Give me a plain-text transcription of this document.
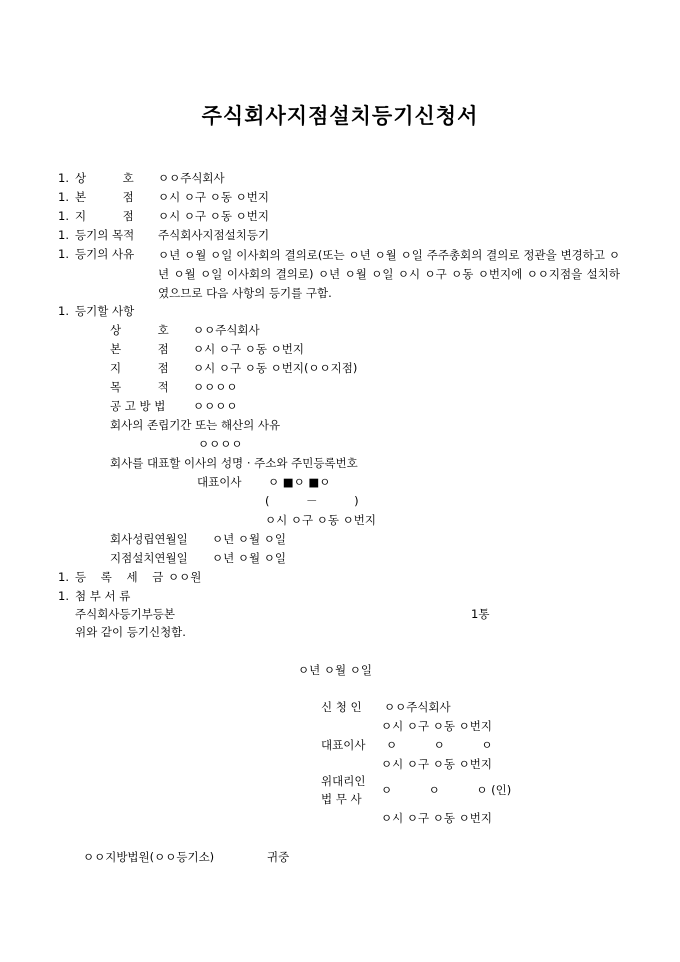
주식회사지점설치등기신청서
1. 상          호 ㅇㅇ주식회사
1. 본          점 ㅇ시 ㅇ구 ㅇ동 ㅇ번지
1. 지          점 ㅇ시 ㅇ구 ㅇ동 ㅇ번지
1. 등기의 목적 주식회사지점설치등기
1. 등기의 사유 ㅇ년 ㅇ월 ㅇ일 이사회의 결의로(또는 ㅇ년 ㅇ월 ㅇ일 주주총회의 결의로 정관을 변경하고 ㅇ년 ㅇ월 ㅇ일 이사회의 결의로) ㅇ년 ㅇ월 ㅇ일 ㅇ시 ㅇ구 ㅇ동 ㅇ번지에 ㅇㅇ지점을 설치하였으므로 다음 사항의 등기를 구함.
1. 등기할 사항
상          호 ㅇㅇ주식회사
본          점 ㅇ시 ㅇ구 ㅇ동 ㅇ번지
지          점 ㅇ시 ㅇ구 ㅇ동 ㅇ번지(ㅇㅇ지점)
목          적 ㅇㅇㅇㅇ
공 고 방 법 ㅇㅇㅇㅇ
회사의 존립기간 또는 해산의 사유
ㅇㅇㅇㅇ
회사를 대표할 이사의 성명 · 주소와 주민등록번호
대표이사 ㅇ ■ㅇ ■ㅇ
(          －          )
ㅇ시 ㅇ구 ㅇ동 ㅇ번지
회사성립연월일 ㅇ년 ㅇ월 ㅇ일
지점설치연월일 ㅇ년 ㅇ월 ㅇ일
1. 등    록    세    금 ㅇㅇ원
1. 첨 부 서 류
주식회사등기부등본	1통
위와 같이 등기신청함.
ㅇ년 ㅇ월 ㅇ일
신 청 인 ㅇㅇ주식회사
ㅇ시 ㅇ구 ㅇ동 ㅇ번지
대표이사 ㅇ          ㅇ          ㅇ
ㅇ시 ㅇ구 ㅇ동 ㅇ번지
위대리인
법 무 사
ㅇ          ㅇ          ㅇ (인)
ㅇ시 ㅇ구 ㅇ동 ㅇ번지
ㅇㅇ지방법원(ㅇㅇ등기소)	귀중
